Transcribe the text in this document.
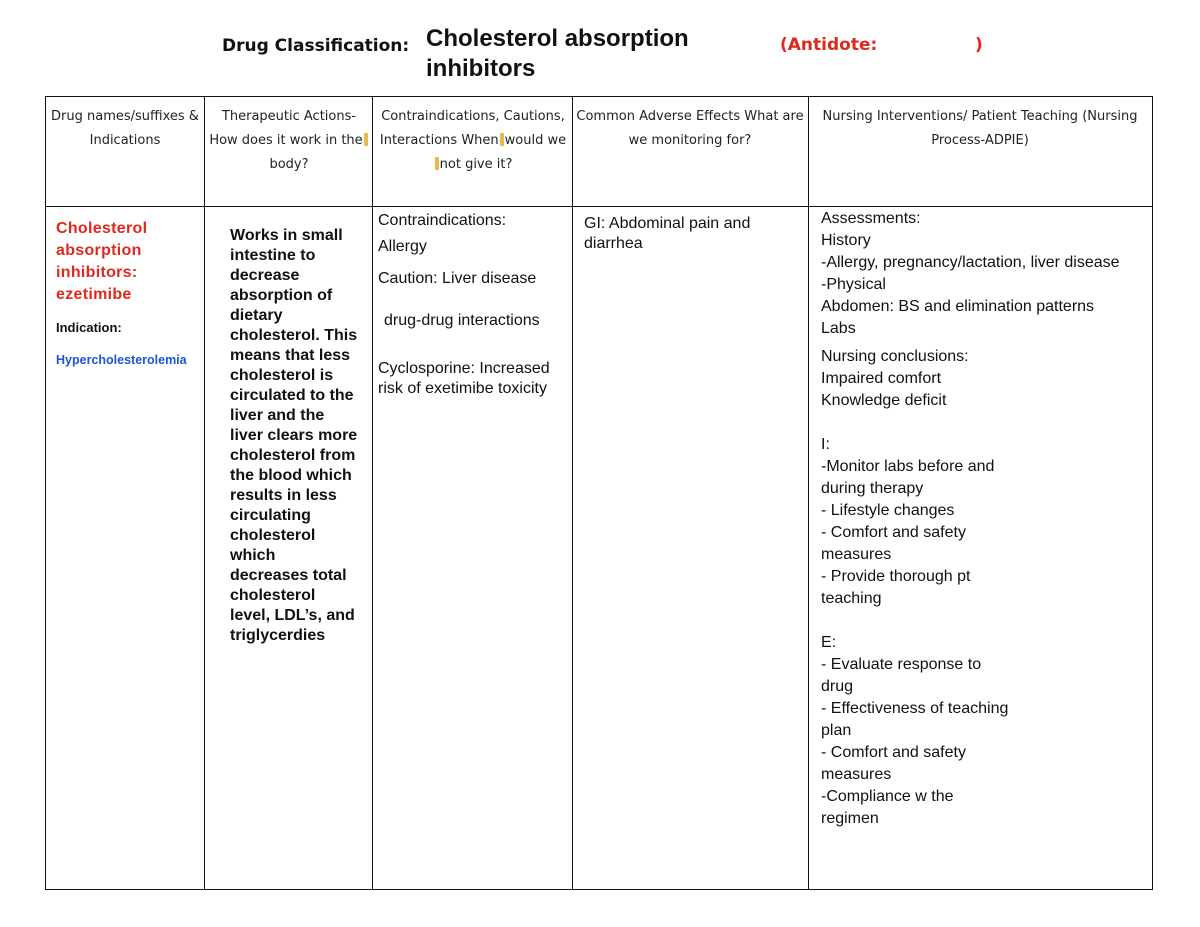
Drug Classification: Cholesterol absorption inhibitors
(Antidote:	)
Drug names/suffixes & Indications
Therapeutic Actions- How does it work in thebody?
Contraindications, Cautions, Interactions When would wenot give it?
Common Adverse Effects What are we monitoring for?
Nursing Interventions/ Patient Teaching (Nursing Process-ADPIE)
Cholesterol absorption inhibitors: ezetimibe
Indication:
Hypercholesterolemia
Works in small intestine to decrease absorption of dietary cholesterol. This means that less cholesterol is circulated to the liver and the liver clears more cholesterol from the blood which results in less circulating cholesterol which decreases total cholesterol level, LDL’s, and triglycerdies
Contraindications:
Allergy
Caution: Liver disease
drug-drug interactions
Cyclosporine: Increased risk of exetimibe toxicity
GI: Abdominal pain and diarrhea
Assessments:
History
-Allergy, pregnancy/lactation, liver disease
-Physical
Abdomen: BS and elimination patterns
Labs
Nursing conclusions:
Impaired comfort
Knowledge deficit
I:
-Monitor labs before and during therapy
- Lifestyle changes
- Comfort and safety measures
- Provide thorough pt teaching
E:
- Evaluate response to drug
- Effectiveness of teaching plan
- Comfort and safety measures
-Compliance w the regimen
